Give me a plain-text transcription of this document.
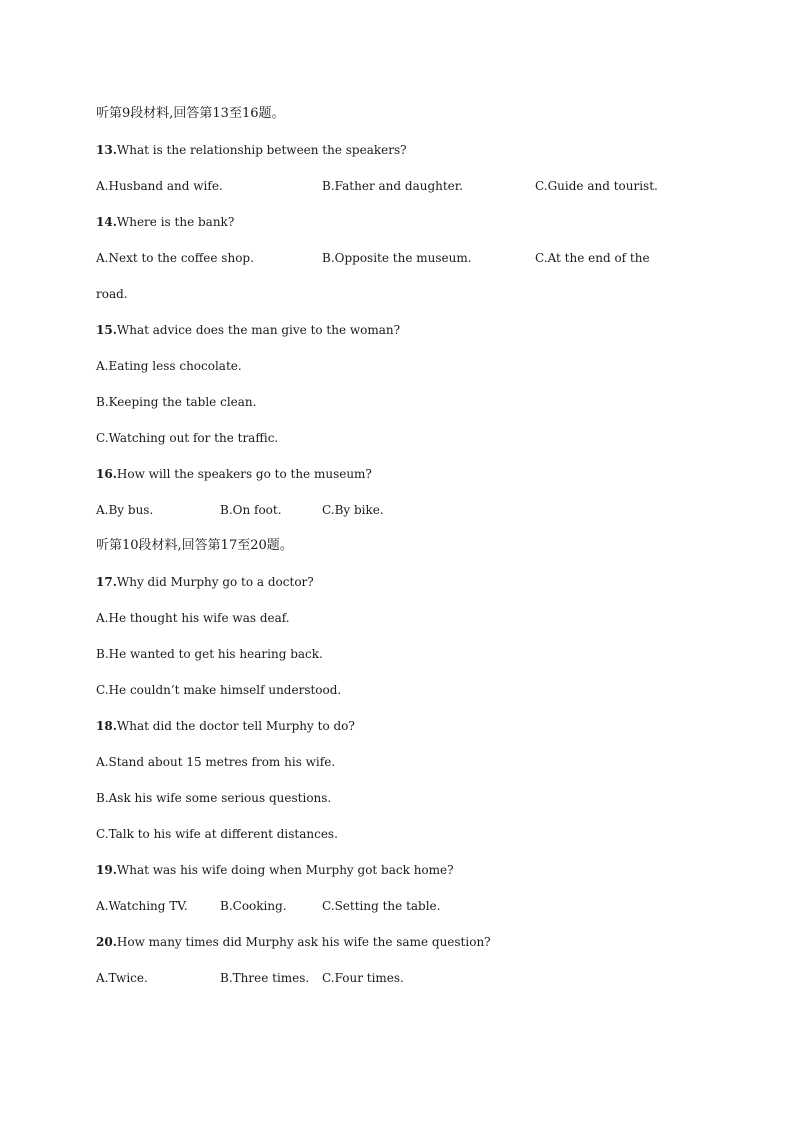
听第9段材料,回答第13至16题。
13.What is the relationship between the speakers?
A.Husband and wife.	B.Father and daughter.	C.Guide and tourist.
14.Where is the bank?
A.Next to the coffee shop.	B.Opposite the museum.	C.At the end of the
road.
15.What advice does the man give to the woman?
A.Eating less chocolate.
B.Keeping the table clean.
C.Watching out for the traffic.
16.How will the speakers go to the museum?
A.By bus.	B.On foot.	C.By bike.
听第10段材料,回答第17至20题。
17.Why did Murphy go to a doctor?
A.He thought his wife was deaf.
B.He wanted to get his hearing back.
C.He couldn’t make himself understood.
18.What did the doctor tell Murphy to do?
A.Stand about 15 metres from his wife.
B.Ask his wife some serious questions.
C.Talk to his wife at different distances.
19.What was his wife doing when Murphy got back home?
A.Watching TV.	B.Cooking.	C.Setting the table.
20.How many times did Murphy ask his wife the same question?
A.Twice.	B.Three times. C.Four times.
